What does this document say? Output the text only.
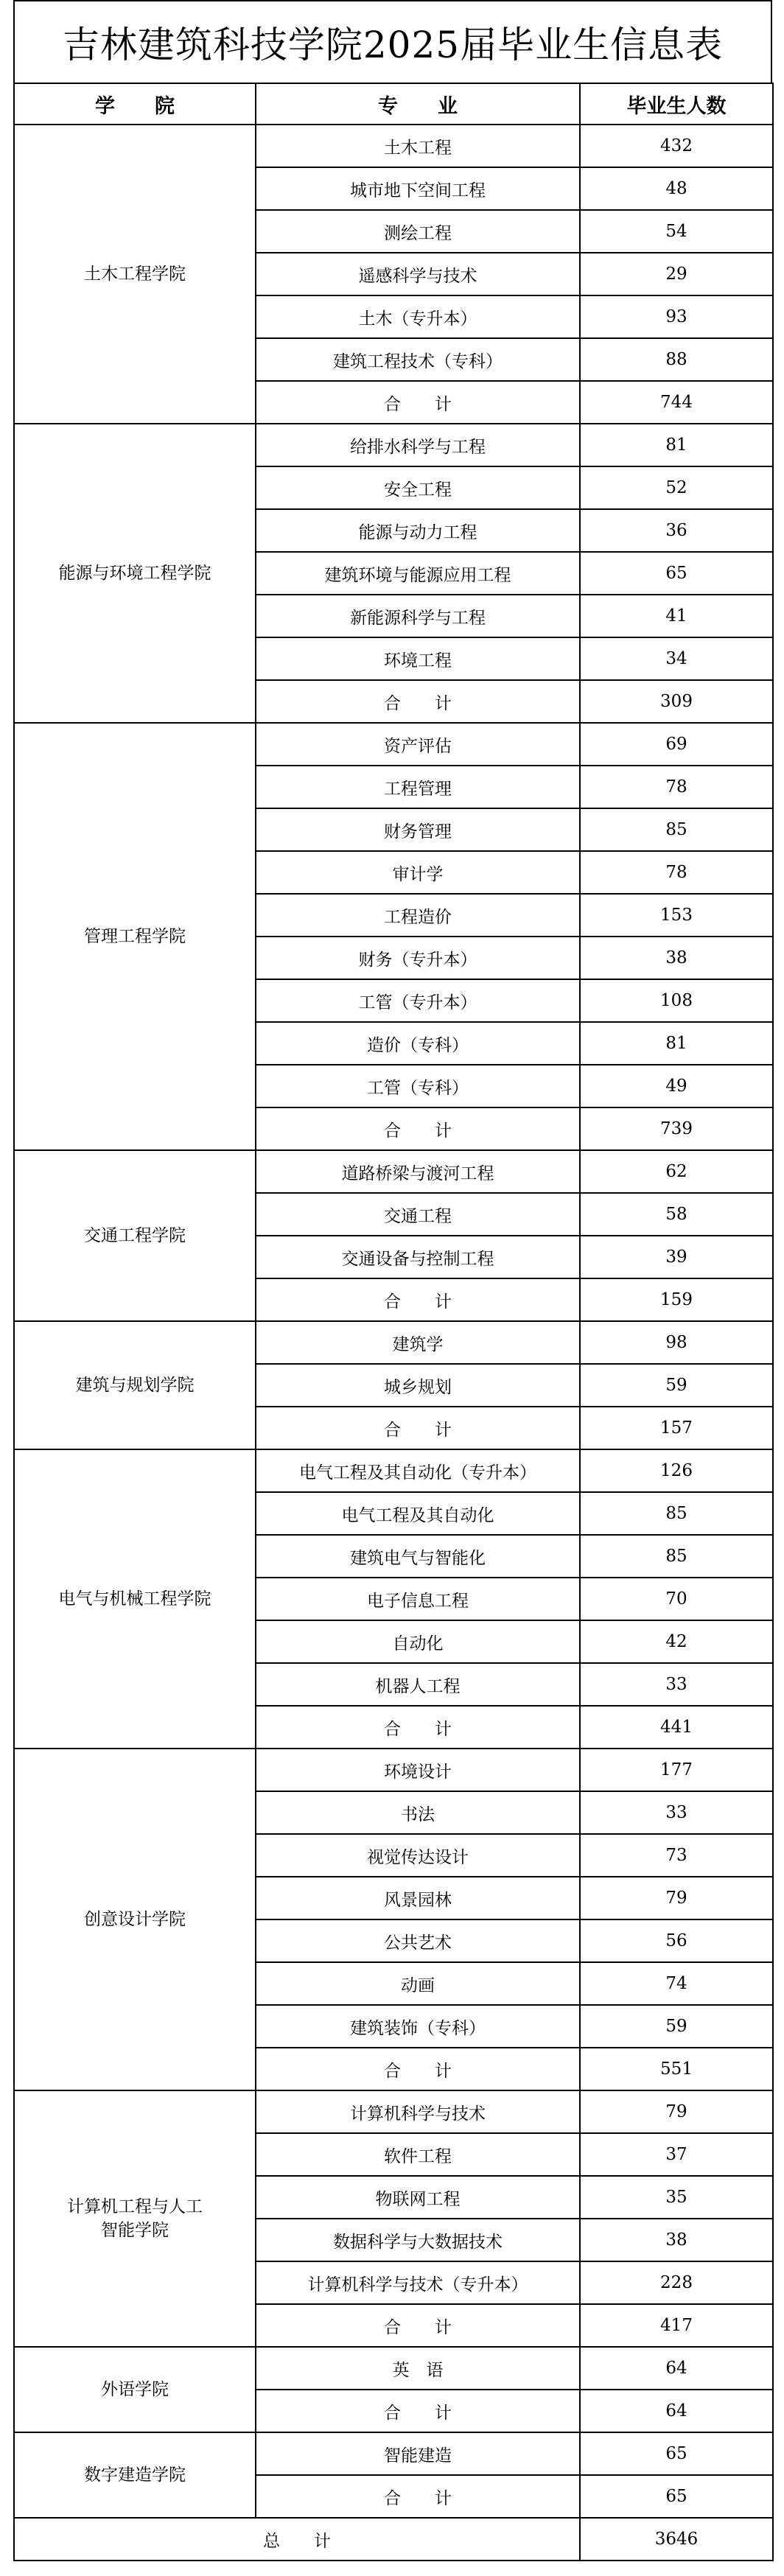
吉林建筑科技学院2025届毕业生信息表
学　　院	专　　业	毕业生人数
土木工程学院	土木工程	432
	城市地下空间工程	48
	测绘工程	54
	遥感科学与技术	29
	土木（专升本）	93
	建筑工程技术（专科）	88
	合　　计	744
能源与环境工程学院	给排水科学与工程	81
	安全工程	52
	能源与动力工程	36
	建筑环境与能源应用工程	65
	新能源科学与工程	41
	环境工程	34
	合　　计	309
管理工程学院	资产评估	69
	工程管理	78
	财务管理	85
	审计学	78
	工程造价	153
	财务（专升本）	38
	工管（专升本）	108
	造价（专科）	81
	工管（专科）	49
	合　　计	739
交通工程学院	道路桥梁与渡河工程	62
	交通工程	58
	交通设备与控制工程	39
	合　　计	159
建筑与规划学院	建筑学	98
	城乡规划	59
	合　　计	157
电气与机械工程学院	电气工程及其自动化（专升本）	126
	电气工程及其自动化	85
	建筑电气与智能化	85
	电子信息工程	70
	自动化	42
	机器人工程	33
	合　　计	441
创意设计学院	环境设计	177
	书法	33
	视觉传达设计	73
	风景园林	79
	公共艺术	56
	动画	74
	建筑装饰（专科）	59
	合　　计	551

计算机工程与人工
智能学院	计算机科学与技术	79
	软件工程	37
	物联网工程	35
	数据科学与大数据技术	38
	计算机科学与技术（专升本）	228
	合　　计	417
外语学院	英　语	64
	合　　计	64
数字建造学院	智能建造	65
	合　　计	65
总　　计		3646
